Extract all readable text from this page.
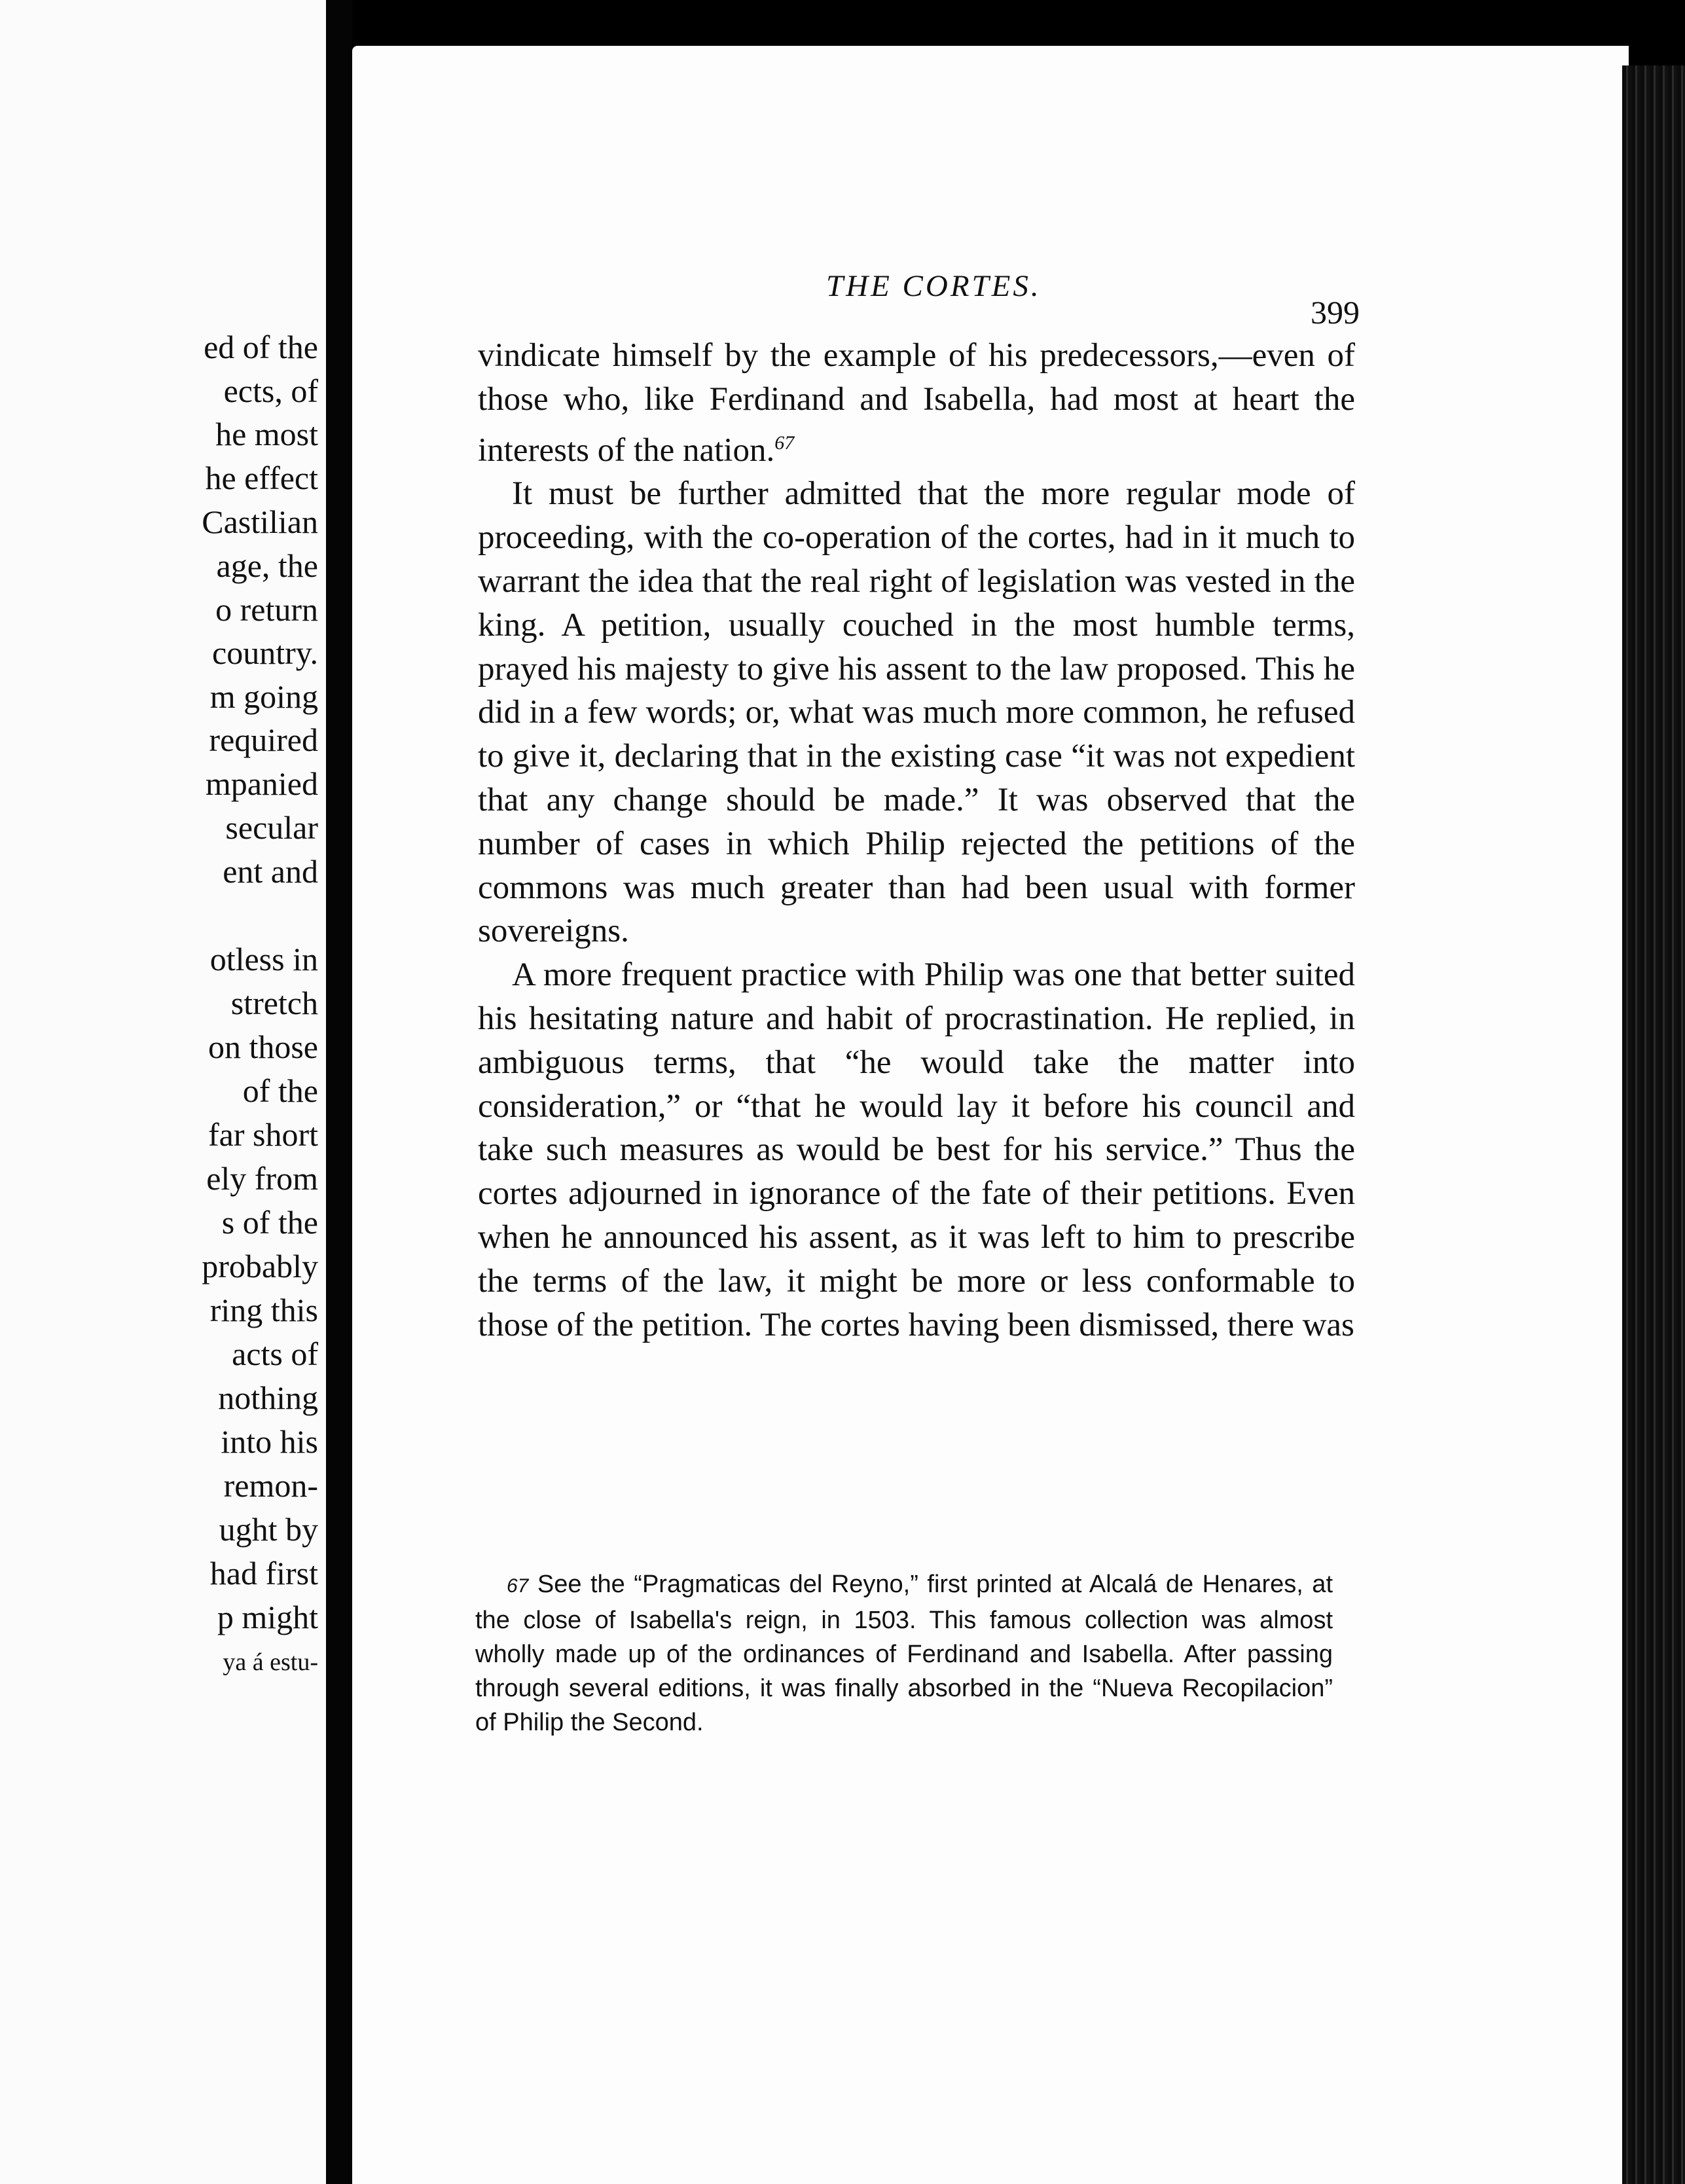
ed of the
ects, of
he most
he effect
Castilian
age, the
o return
country.
m going
required
mpanied
secular
ent and
otless in
stretch
on those
of the
far short
ely from
s of the
probably
ring this
acts of
nothing
into his
remon-
ught by
had first
p might
ya á estu-
THE CORTES.
399

vindicate himself by the example of his predecessors,—even of those who, like Ferdinand and Isabella, had most at heart the interests of the nation.$^{67}$

It must be further admitted that the more regular mode of proceeding, with the co-operation of the cortes, had in it much to warrant the idea that the real right of legislation was vested in the king. A petition, usually couched in the most humble terms, prayed his majesty to give his assent to the law proposed. This he did in a few words; or, what was much more common, he refused to give it, declaring that in the existing case “it was not expedient that any change should be made.” It was observed that the number of cases in which Philip rejected the petitions of the commons was much greater than had been usual with former sovereigns.

A more frequent practice with Philip was one that better suited his hesitating nature and habit of procrastination. He replied, in ambiguous terms, that “he would take the matter into consideration,” or “that he would lay it before his council and take such measures as would be best for his service.” Thus the cortes adjourned in ignorance of the fate of their petitions. Even when he announced his assent, as it was left to him to prescribe the terms of the law, it might be more or less conformable to those of the petition. The cortes having been dismissed, there was

67 See the “Pragmaticas del Reyno,” first printed at Alcalá de Henares, at the close of Isabella's reign, in 1503. This famous collection was almost wholly made up of the ordinances of Ferdinand and Isabella. After passing through several editions, it was finally absorbed in the “Nueva Recopilacion” of Philip the Second.
